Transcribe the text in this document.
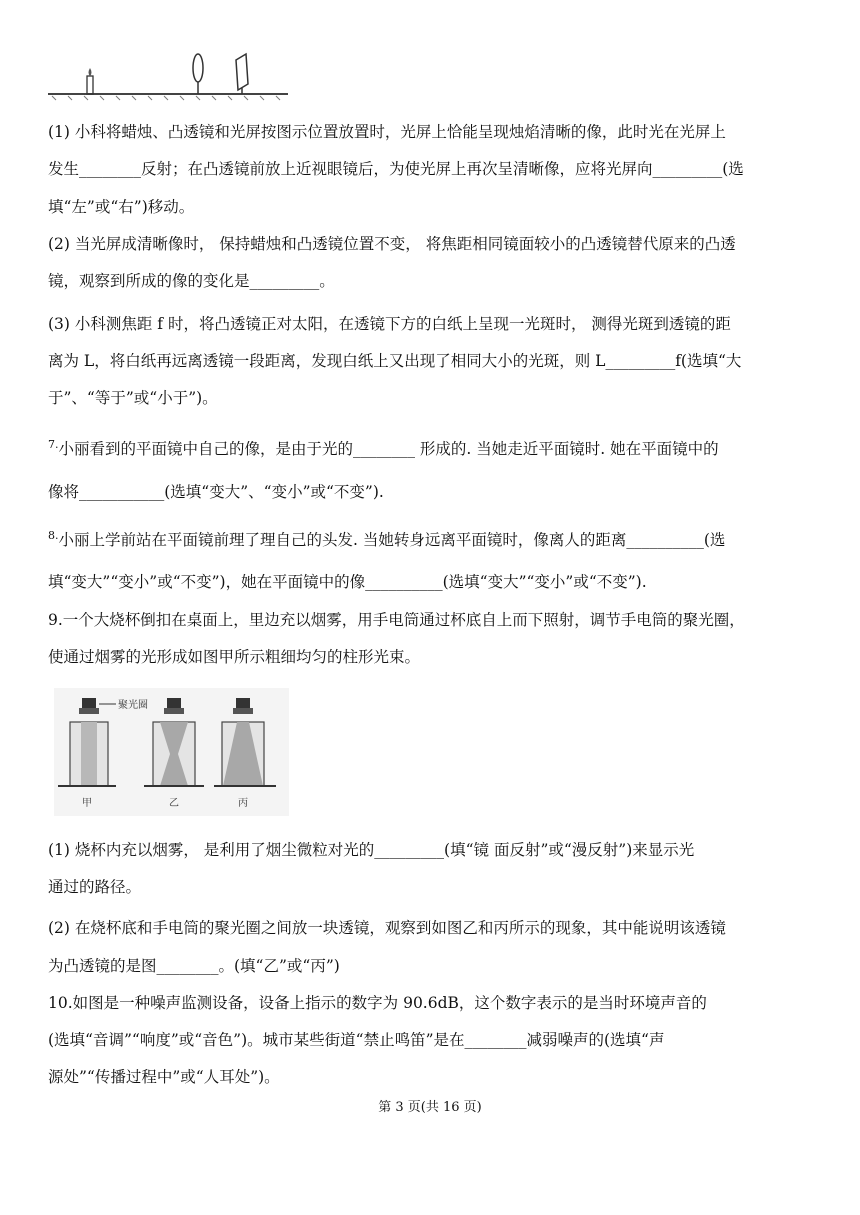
(1) 小科将蜡烛、凸透镜和光屏按图示位置放置时，光屏上恰能呈现烛焰清晰的像，此时光在光屏上
发生________反射；在凸透镜前放上近视眼镜后，为使光屏上再次呈清晰像，应将光屏向_________(选
填“左”或“右”)移动。
(2) 当光屏成清晰像时， 保持蜡烛和凸透镜位置不变， 将焦距相同镜面较小的凸透镜替代原来的凸透
镜，观察到所成的像的变化是_________。
(3) 小科测焦距 f 时，将凸透镜正对太阳，在透镜下方的白纸上呈现一光斑时， 测得光斑到透镜的距
离为 L，将白纸再远离透镜一段距离，发现白纸上又出现了相同大小的光斑，则 L_________f(选填“大
于”、“等于”或“小于”)。
$^{7.}$小丽看到的平面镜中自己的像，是由于光的________ 形成的. 当她走近平面镜时. 她在平面镜中的
像将___________(选填“变大”、“变小”或“不变”).
$^{8.}$小丽上学前站在平面镜前理了理自己的头发. 当她转身远离平面镜时，像离人的距离__________(选
填“变大”“变小”或“不变”)，她在平面镜中的像__________(选填“变大”“变小”或“不变”).
9.一个大烧杯倒扣在桌面上，里边充以烟雾，用手电筒通过杯底自上而下照射，调节手电筒的聚光圈，
使通过烟雾的光形成如图甲所示粗细均匀的柱形光束。
聚光圈
甲	乙	丙
(1) 烧杯内充以烟雾， 是利用了烟尘微粒对光的_________(填“镜 面反射”或“漫反射”)来显示光
通过的路径。
(2) 在烧杯底和手电筒的聚光圈之间放一块透镜，观察到如图乙和丙所示的现象，其中能说明该透镜
为凸透镜的是图________。(填“乙”或“丙”)
10.如图是一种噪声监测设备，设备上指示的数字为 90.6dB，这个数字表示的是当时环境声音的
(选填“音调”“响度”或“音色”)。城市某些街道“禁止鸣笛”是在________减弱噪声的(选填“声
源处”“传播过程中”或“人耳处”)。
第 3 页(共 16 页)
